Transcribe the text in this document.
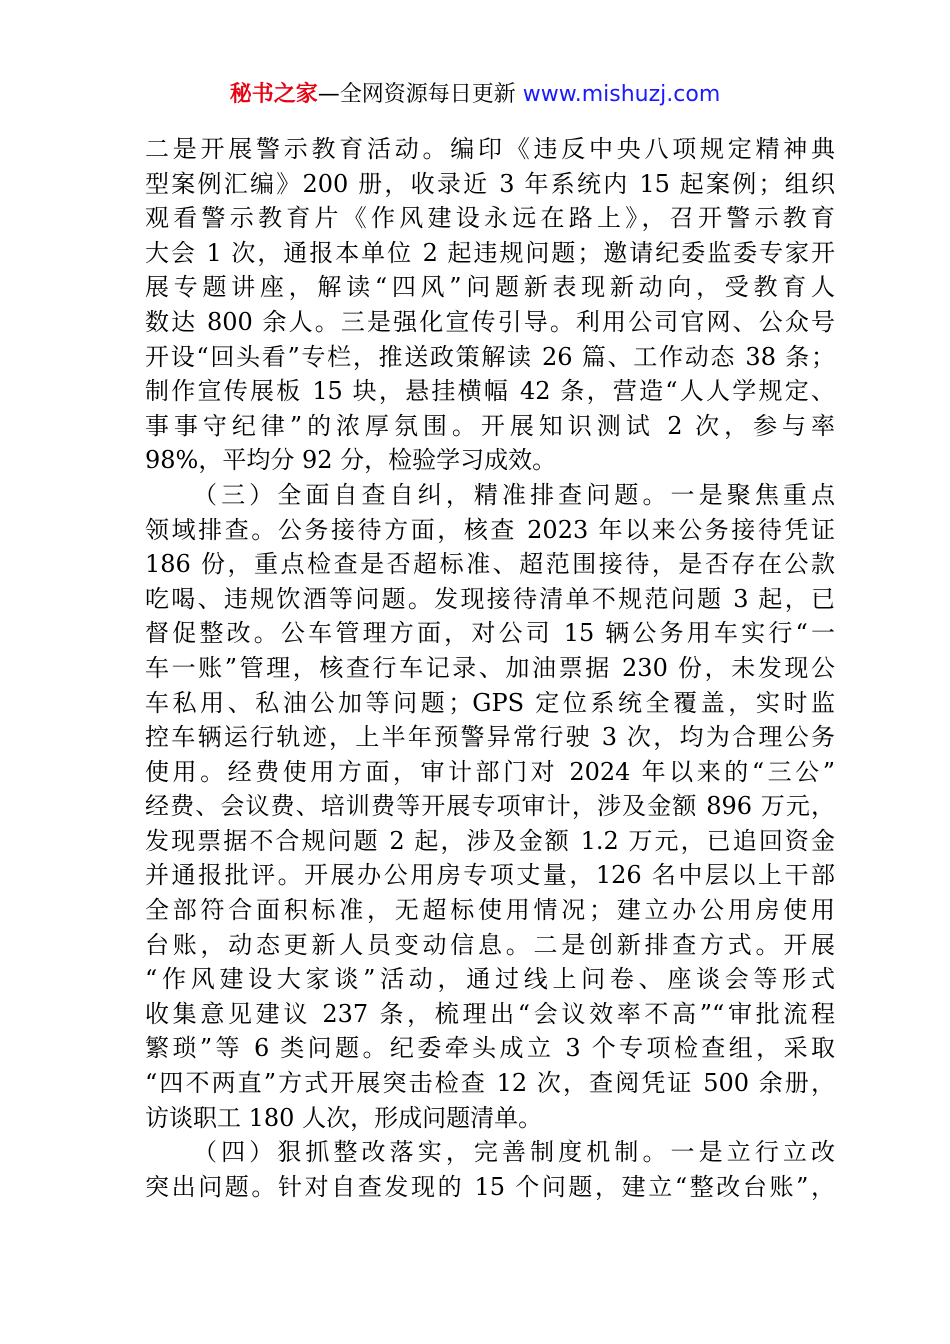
秘书之家—全网资源每日更新 www.mishuzj.com
二是开展警示教育活动。编印《违反中央八项规定精神典
型案例汇编》200 册，收录近 3 年系统内 15 起案例；组织
观看警示教育片《作风建设永远在路上》，召开警示教育
大会 1 次，通报本单位 2 起违规问题；邀请纪委监委专家开
展专题讲座，解读“四风”问题新表现新动向，受教育人
数达 800 余人。三是强化宣传引导。利用公司官网、公众号
开设“回头看”专栏，推送政策解读 26 篇、工作动态 38 条；
制作宣传展板 15 块，悬挂横幅 42 条，营造“人人学规定、
事事守纪律”的浓厚氛围。开展知识测试 2 次，参与率
98%，平均分 92 分，检验学习成效。
（三）全面自查自纠，精准排查问题。一是聚焦重点
领域排查。公务接待方面，核查 2023 年以来公务接待凭证
186 份，重点检查是否超标准、超范围接待，是否存在公款
吃喝、违规饮酒等问题。发现接待清单不规范问题 3 起，已
督促整改。公车管理方面，对公司 15 辆公务用车实行“一
车一账”管理，核查行车记录、加油票据 230 份，未发现公
车私用、私油公加等问题；GPS 定位系统全覆盖，实时监
控车辆运行轨迹，上半年预警异常行驶 3 次，均为合理公务
使用。经费使用方面，审计部门对 2024 年以来的“三公”
经费、会议费、培训费等开展专项审计，涉及金额 896 万元，
发现票据不合规问题 2 起，涉及金额 1.2 万元，已追回资金
并通报批评。开展办公用房专项丈量，126 名中层以上干部
全部符合面积标准，无超标使用情况；建立办公用房使用
台账，动态更新人员变动信息。二是创新排查方式。开展
“作风建设大家谈”活动，通过线上问卷、座谈会等形式
收集意见建议 237 条，梳理出“会议效率不高”“审批流程
繁琐”等 6 类问题。纪委牵头成立 3 个专项检查组，采取
“四不两直”方式开展突击检查 12 次，查阅凭证 500 余册，
访谈职工 180 人次，形成问题清单。
（四）狠抓整改落实，完善制度机制。一是立行立改
突出问题。针对自查发现的 15 个问题，建立“整改台账”，
